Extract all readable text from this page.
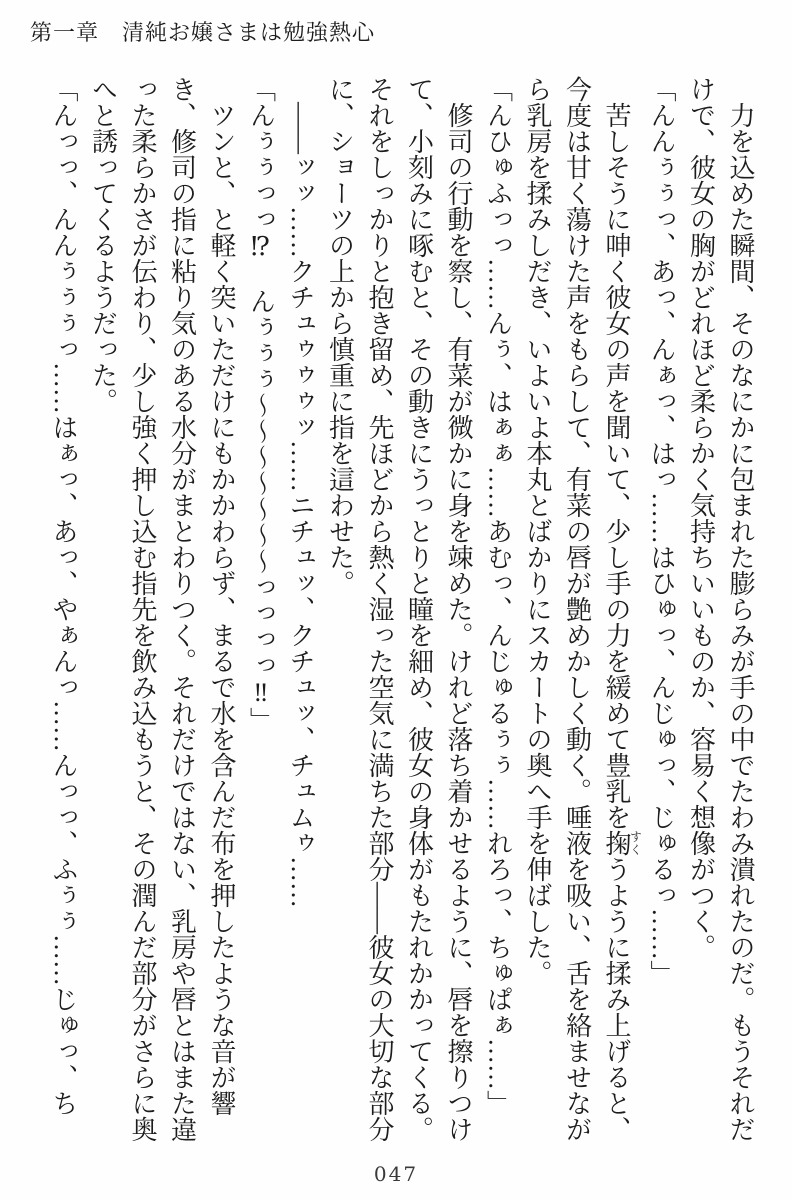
第一章　清純お嬢さまは勉強熱心

力を込めた瞬間、そのなにかに包まれた膨らみが手の中でたわみ潰れたのだ。もうそれだけで、彼女の胸がどれほど柔らかく気持ちいいものか、容易く想像がつく。

「んんぅぅっ、あっ、んぁっ、はっ……はひゅっ、んじゅっ、じゅるっ……」

苦しそうに呻く彼女の声を聞いて、少し手の力を緩めて豊乳を掬すくうように揉み上げると、今度は甘く蕩けた声をもらして、有菜の唇が艶めかしく動く。唾液を吸い、舌を絡ませながら乳房を揉みしだき、いよいよ本丸とばかりにスカートの奥へ手を伸ばした。

「んひゅふっっ……んぅ、はぁぁ……あむっ、んじゅるぅぅ……れろっ、ちゅぱぁ……」

修司の行動を察し、有菜が微かに身を竦めた。けれど落ち着かせるように、唇を擦りつけて、小刻みに啄むと、その動きにうっとりと瞳を細め、彼女の身体がもたれかかってくる。それをしっかりと抱き留め、先ほどから熱く湿った空気に満ちた部分――彼女の大切な部分に、ショーツの上から慎重に指を這わせた。

――ッッ……クチュゥゥゥッ……ニチュッ、クチュッ、チュムゥ……

「んぅぅっっ⁉　んぅぅぅ〜〜〜〜〜〜〜っっっっ‼」

ツンと、と軽く突いただけにもかかわらず、まるで水を含んだ布を押したような音が響き、修司の指に粘り気のある水分がまとわりつく。それだけではない、乳房や唇とはまた違った柔らかさが伝わり、少し強く押し込む指先を飲み込もうと、その潤んだ部分がさらに奥へと誘ってくるようだった。

「んっっ、んんぅぅぅっ……はぁっ、あっ、やぁんっ……んっっ、ふぅぅ……じゅっ、ち

047
